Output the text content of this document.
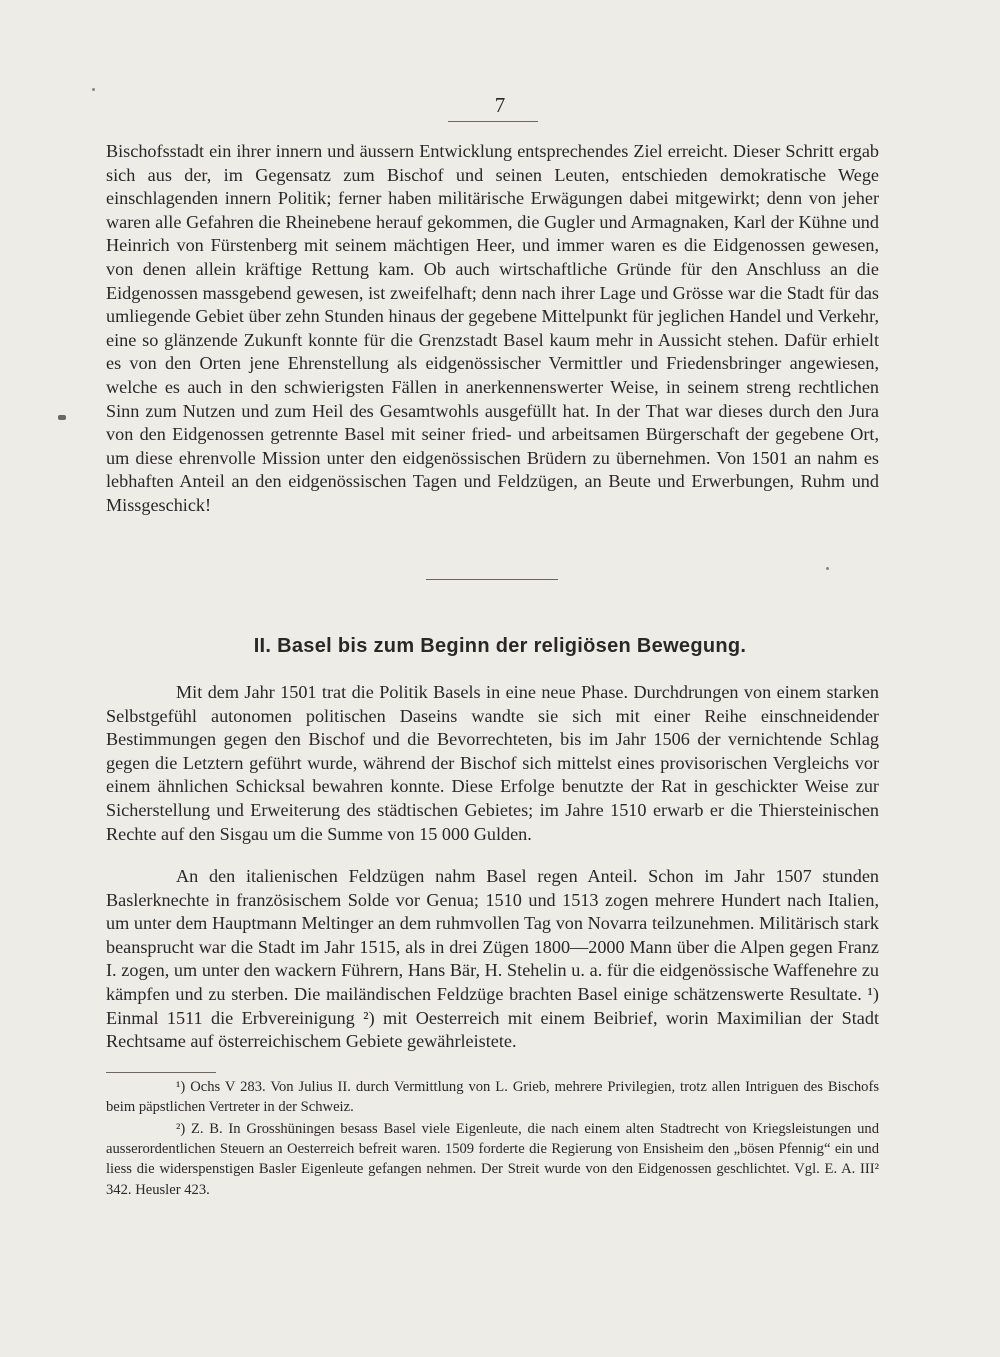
7

Bischofsstadt ein ihrer innern und äussern Entwicklung entsprechendes Ziel erreicht. Dieser Schritt ergab sich aus der, im Gegensatz zum Bischof und seinen Leuten, entschieden demokratische Wege einschlagenden innern Politik; ferner haben militärische Erwägungen dabei mitgewirkt; denn von jeher waren alle Gefahren die Rheinebene herauf gekommen, die Gugler und Armagnaken, Karl der Kühne und Heinrich von Fürstenberg mit seinem mächtigen Heer, und immer waren es die Eidgenossen gewesen, von denen allein kräftige Rettung kam. Ob auch wirtschaftliche Gründe für den Anschluss an die Eidgenossen massgebend gewesen, ist zweifelhaft; denn nach ihrer Lage und Grösse war die Stadt für das umliegende Gebiet über zehn Stunden hinaus der gegebene Mittelpunkt für jeglichen Handel und Verkehr, eine so glänzende Zukunft konnte für die Grenzstadt Basel kaum mehr in Aussicht stehen. Dafür erhielt es von den Orten jene Ehrenstellung als eidgenössischer Vermittler und Friedensbringer angewiesen, welche es auch in den schwierigsten Fällen in anerkennenswerter Weise, in seinem streng rechtlichen Sinn zum Nutzen und zum Heil des Gesamtwohls ausgefüllt hat. In der That war dieses durch den Jura von den Eidgenossen getrennte Basel mit seiner fried- und arbeitsamen Bürgerschaft der gegebene Ort, um diese ehrenvolle Mission unter den eidgenössischen Brüdern zu übernehmen. Von 1501 an nahm es lebhaften Anteil an den eidgenössischen Tagen und Feldzügen, an Beute und Erwerbungen, Ruhm und Missgeschick!

II. Basel bis zum Beginn der religiösen Bewegung.

Mit dem Jahr 1501 trat die Politik Basels in eine neue Phase. Durchdrungen von einem starken Selbstgefühl autonomen politischen Daseins wandte sie sich mit einer Reihe einschneidender Bestimmungen gegen den Bischof und die Bevorrechteten, bis im Jahr 1506 der vernichtende Schlag gegen die Letztern geführt wurde, während der Bischof sich mittelst eines provisorischen Vergleichs vor einem ähnlichen Schicksal bewahren konnte. Diese Erfolge benutzte der Rat in geschickter Weise zur Sicherstellung und Erweiterung des städtischen Gebietes; im Jahre 1510 erwarb er die Thiersteinischen Rechte auf den Sisgau um die Summe von 15 000 Gulden.

An den italienischen Feldzügen nahm Basel regen Anteil. Schon im Jahr 1507 stunden Baslerknechte in französischem Solde vor Genua; 1510 und 1513 zogen mehrere Hundert nach Italien, um unter dem Hauptmann Meltinger an dem ruhmvollen Tag von Novarra teilzunehmen. Militärisch stark beansprucht war die Stadt im Jahr 1515, als in drei Zügen 1800—2000 Mann über die Alpen gegen Franz I. zogen, um unter den wackern Führern, Hans Bär, H. Stehelin u. a. für die eidgenössische Waffenehre zu kämpfen und zu sterben. Die mailändischen Feldzüge brachten Basel einige schätzenswerte Resultate. ¹) Einmal 1511 die Erbvereinigung ²) mit Oesterreich mit einem Beibrief, worin Maximilian der Stadt Rechtsame auf österreichischem Gebiete gewährleistete.

¹) Ochs V 283. Von Julius II. durch Vermittlung von L. Grieb, mehrere Privilegien, trotz allen Intriguen des Bischofs beim päpstlichen Vertreter in der Schweiz.

²) Z. B. In Grosshüningen besass Basel viele Eigenleute, die nach einem alten Stadtrecht von Kriegsleistungen und ausserordentlichen Steuern an Oesterreich befreit waren. 1509 forderte die Regierung von Ensisheim den „bösen Pfennig“ ein und liess die widerspenstigen Basler Eigenleute gefangen nehmen. Der Streit wurde von den Eidgenossen geschlichtet. Vgl. E. A. III² 342. Heusler 423.
